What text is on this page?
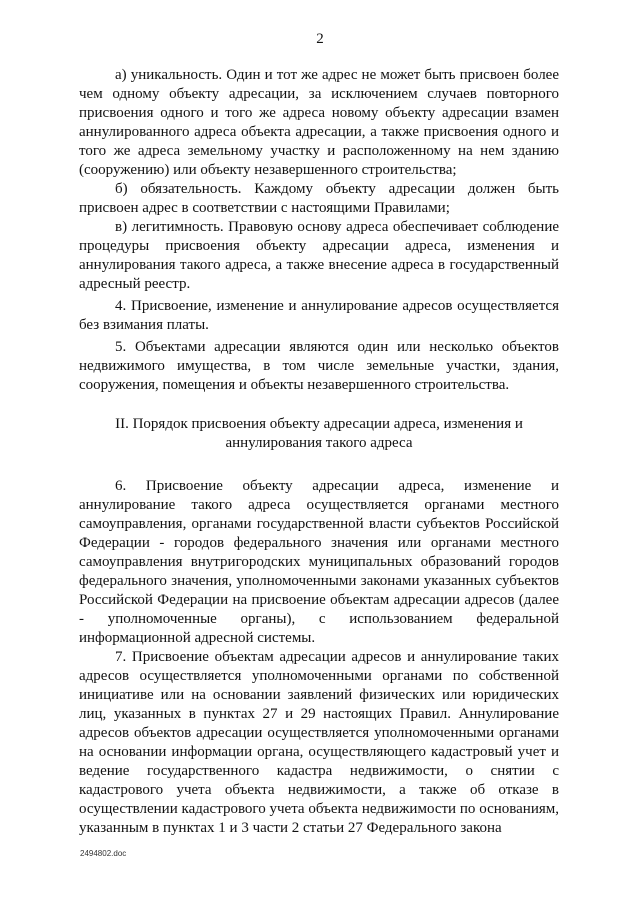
2

а) уникальность. Один и тот же адрес не может быть присвоен более чем одному объекту адресации, за исключением случаев повторного присвоения одного и того же адреса новому объекту адресации взамен аннулированного адреса объекта адресации, а также присвоения одного и того же адреса земельному участку и расположенному на нем зданию (сооружению) или объекту незавершенного строительства;

б) обязательность. Каждому объекту адресации должен быть присвоен адрес в соответствии с настоящими Правилами;

в) легитимность. Правовую основу адреса обеспечивает соблюдение процедуры присвоения объекту адресации адреса, изменения и аннулирования такого адреса, а также внесение адреса в государственный адресный реестр.

4. Присвоение, изменение и аннулирование адресов осуществляется без взимания платы.

5. Объектами адресации являются один или несколько объектов недвижимого имущества, в том числе земельные участки, здания, сооружения, помещения и объекты незавершенного строительства.

II. Порядок присвоения объекту адресации адреса, изменения и
аннулирования такого адреса

6. Присвоение объекту адресации адреса, изменение и аннулирование такого адреса осуществляется органами местного самоуправления, органами государственной власти субъектов Российской Федерации - городов федерального значения или органами местного самоуправления внутригородских муниципальных образований городов федерального значения, уполномоченными законами указанных субъектов Российской Федерации на присвоение объектам адресации адресов (далее - уполномоченные органы), с использованием федеральной информационной адресной системы.

7. Присвоение объектам адресации адресов и аннулирование таких адресов осуществляется уполномоченными органами по собственной инициативе или на основании заявлений физических или юридических лиц, указанных в пунктах 27 и 29 настоящих Правил. Аннулирование адресов объектов адресации осуществляется уполномоченными органами на основании информации органа, осуществляющего кадастровый учет и ведение государственного кадастра недвижимости, о снятии с кадастрового учета объекта недвижимости, а также об отказе в осуществлении кадастрового учета объекта недвижимости по основаниям, указанным в пунктах 1 и 3 части 2 статьи 27 Федерального закона

2494802.doc
